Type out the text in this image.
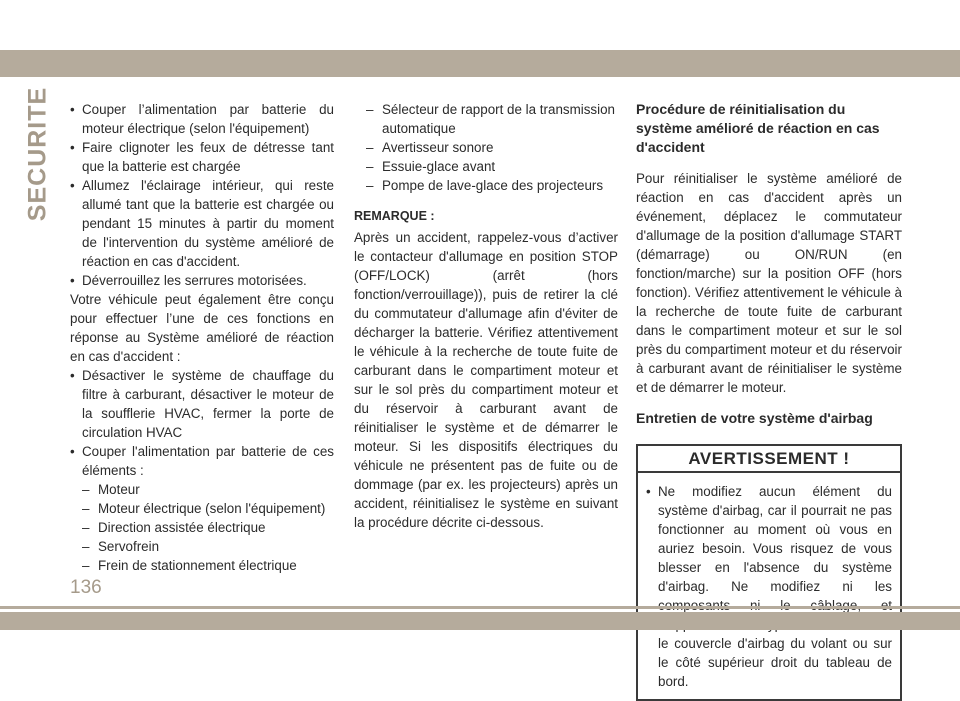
SECURITE

•	Couper l’alimentation par batterie du moteur électrique (selon l'équipement)

• Faire clignoter les feux de détresse tant que la batterie est chargée

• Allumez l'éclairage intérieur, qui reste allumé tant que la batterie est chargée ou pendant 15 minutes à partir du moment de l'intervention du système amélioré de réaction en cas d'accident.

• Déverrouillez les serrures motorisées.

Votre véhicule peut également être conçu pour effectuer l’une de ces fonctions en réponse au Système amélioré de réaction en cas d'accident :

• Désactiver le système de chauffage du filtre à carburant, désactiver le moteur de la soufflerie HVAC, fermer la porte de circulation HVAC

• Couper l'alimentation par batterie de ces éléments :

– Moteur
– Moteur électrique (selon l'équipement)
– Direction assistée électrique
– Servofrein
– Frein de stationnement électrique
– Sélecteur de rapport de la transmission automatique
– Avertisseur sonore
– Essuie-glace avant
– Pompe de lave-glace des projecteurs
REMARQUE :

Après un accident, rappelez-vous d’activer le contacteur d'allumage en position STOP (OFF/LOCK) (arrêt (hors fonction/verrouillage)), puis de retirer la clé du commutateur d'allumage afin d'éviter de décharger la batterie. Vérifiez attentivement le véhicule à la recherche de toute fuite de carburant dans le compartiment moteur et sur le sol près du compartiment moteur et du réservoir à carburant avant de réinitialiser le système et de démarrer le moteur. Si les dispositifs électriques du véhicule ne présentent pas de fuite ou de dommage (par ex. les projecteurs) après un accident, réinitialisez le système en suivant la procédure décrite ci-dessous.

Procédure de réinitialisation du système amélioré de réaction en cas d'accident

Pour réinitialiser le système amélioré de réaction en cas d'accident après un événement, déplacez le commutateur d'allumage de la position d'allumage START (démarrage) ou ON/RUN (en fonction/marche) sur la position OFF (hors fonction). Vérifiez attentivement le véhicule à la recherche de toute fuite de carburant dans le compartiment moteur et sur le sol près du compartiment moteur et du réservoir à carburant avant de réinitialiser le système et de démarrer le moteur.

Entretien de votre système d'airbag
AVERTISSEMENT !

• Ne modifiez aucun élément du système d'airbag, car il pourrait ne pas fonctionner au moment où vous en auriez besoin. Vous risquez de vous blesser en l'absence du système d'airbag. Ne modifiez ni les le couvercle d'airbag du volant ou sur le côté supérieur droit du tableau de bord.

136
